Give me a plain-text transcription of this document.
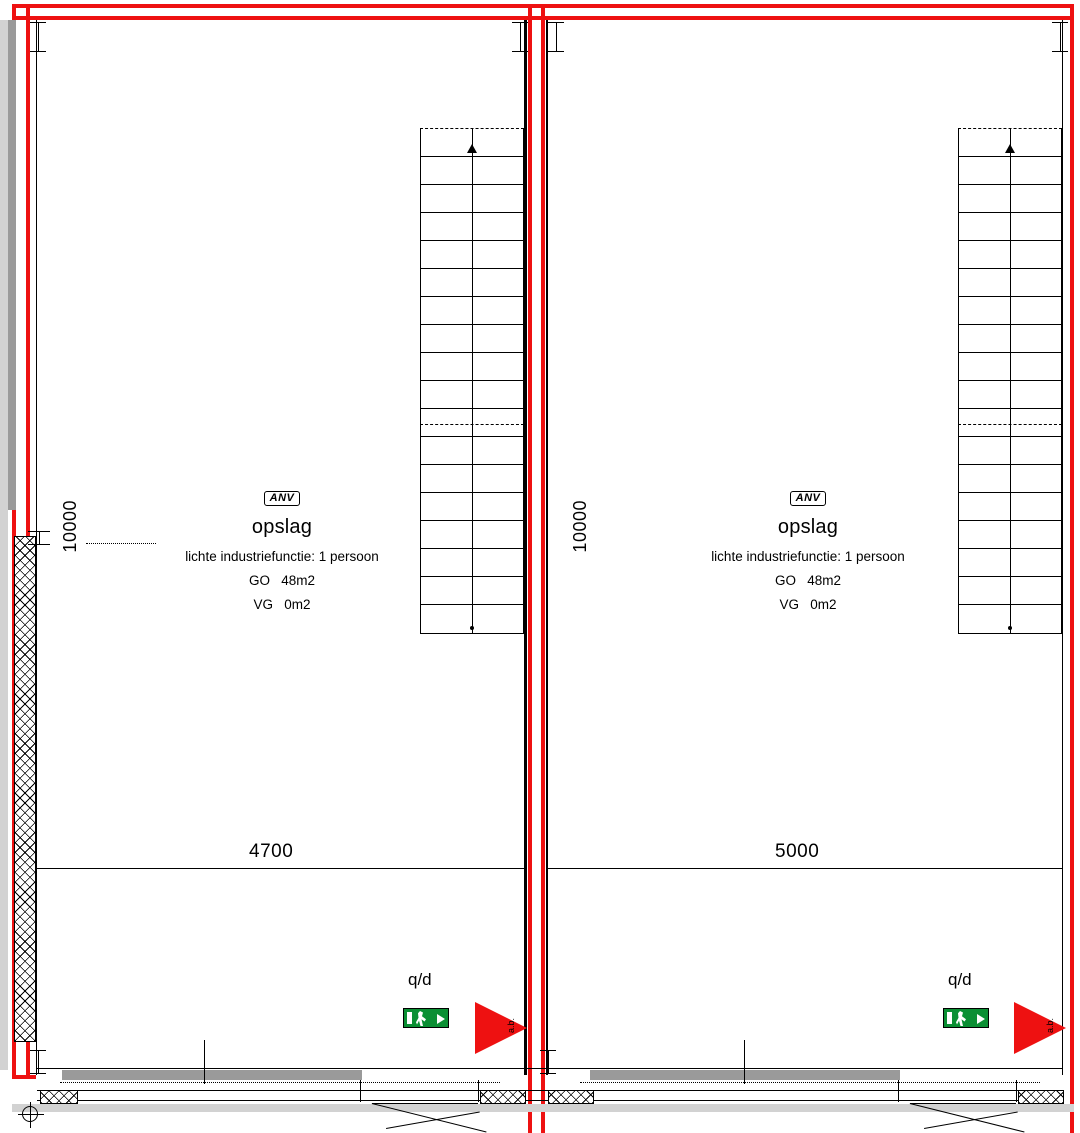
ANV
opslag
lichte industriefunctie: 1 persoon
GO 48m2
VG 0m2
ANV
opslag
lichte industriefunctie: 1 persoon
GO 48m2
VG 0m2
10000	10000
4700	5000
q/d
a.b.
q/d
a.b.
